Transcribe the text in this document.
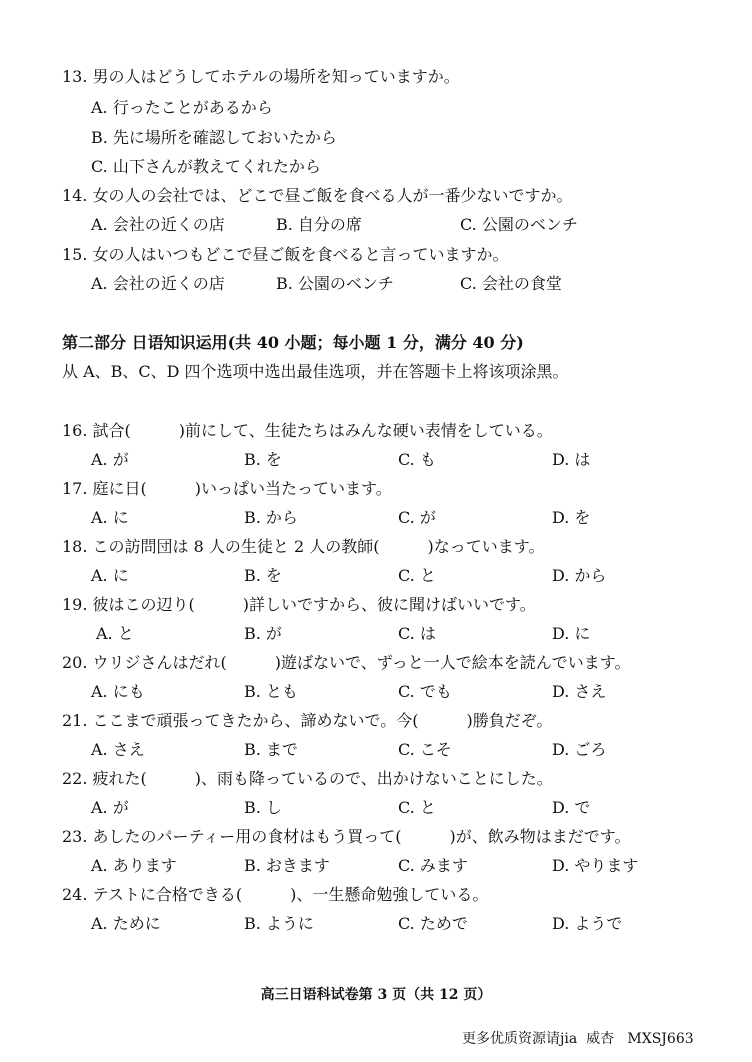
13. 男の人はどうしてホテルの場所を知っていますか。
A. 行ったことがあるから
B. 先に場所を確認しておいたから
C. 山下さんが教えてくれたから
14. 女の人の会社では、どこで昼ご飯を食べる人が一番少ないですか。
A. 会社の近くの店	B. 自分の席	C. 公園のベンチ
15. 女の人はいつもどこで昼ご飯を食べると言っていますか。
A. 会社の近くの店	B. 公園のベンチ	C. 会社の食堂
第二部分 日语知识运用(共 40 小题；每小题 1 分，满分 40 分)
从 A、B、C、D 四个选项中选出最佳选项，并在答题卡上将该项涂黑。
16. 試合(　　　)前にして、生徒たちはみんな硬い表情をしている。
A. が	B. を	C. も	D. は
17. 庭に日(　　　)いっぱい当たっています。
A. に	B. から	C. が	D. を
18. この訪問団は 8 人の生徒と 2 人の教師(　　　)なっています。
A. に	B. を	C. と	D. から
19. 彼はこの辺り(　　　)詳しいですから、彼に聞けばいいです。
A. と	B. が	C. は	D. に
20. ウリジさんはだれ(　　　)遊ばないで、ずっと一人で絵本を読んでいます。
A. にも	B. とも	C. でも	D. さえ
21. ここまで頑張ってきたから、諦めないで。今(　　　)勝負だぞ。
A. さえ	B. まで	C. こそ	D. ごろ
22. 疲れた(　　　)、雨も降っているので、出かけないことにした。
A. が	B. し	C. と	D. で
23. あしたのパーティー用の食材はもう買って(　　　)が、飲み物はまだです。
A. あります	B. おきます	C. みます	D. やります
24. テストに合格できる(　　　)、一生懸命勉強している。
A. ために	B. ように	C. ためで	D. ようで
高三日语科试卷第 3 页（共 12 页）
更多优质资源请jia  威杏   MXSJ663
